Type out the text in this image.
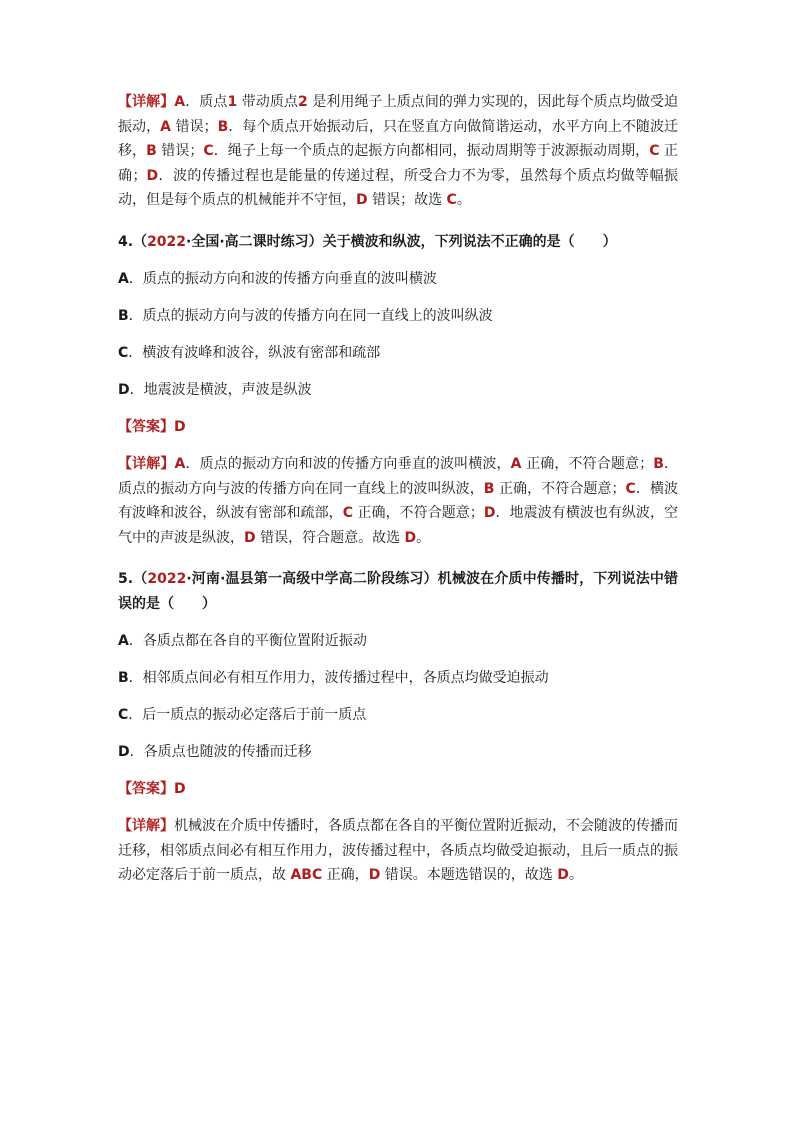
【详解】A．质点1 带动质点2 是利用绳子上质点间的弹力实现的，因此每个质点均做受迫振动，A 错误；B．每个质点开始振动后，只在竖直方向做简谐运动，水平方向上不随波迁移，B 错误；C．绳子上每一个质点的起振方向都相同，振动周期等于波源振动周期，C 正确；D．波的传播过程也是能量的传递过程，所受合力不为零，虽然每个质点均做等幅振动，但是每个质点的机械能并不守恒，D 错误；故选 C。

4.（2022·全国·高二课时练习）关于横波和纵波，下列说法不正确的是（　　）

A．质点的振动方向和波的传播方向垂直的波叫横波

B．质点的振动方向与波的传播方向在同一直线上的波叫纵波

C．横波有波峰和波谷，纵波有密部和疏部

D．地震波是横波，声波是纵波

【答案】D

【详解】A．质点的振动方向和波的传播方向垂直的波叫横波，A 正确，不符合题意；B．质点的振动方向与波的传播方向在同一直线上的波叫纵波，B 正确，不符合题意；C．横波有波峰和波谷，纵波有密部和疏部，C 正确，不符合题意；D．地震波有横波也有纵波，空气中的声波是纵波，D 错误，符合题意。故选 D。

5.（2022·河南·温县第一高级中学高二阶段练习）机械波在介质中传播时，下列说法中错误的是（　　）

A．各质点都在各自的平衡位置附近振动

B．相邻质点间必有相互作用力，波传播过程中，各质点均做受迫振动

C．后一质点的振动必定落后于前一质点

D．各质点也随波的传播而迁移

【答案】D

【详解】机械波在介质中传播时，各质点都在各自的平衡位置附近振动，不会随波的传播而迁移，相邻质点间必有相互作用力，波传播过程中，各质点均做受迫振动，且后一质点的振动必定落后于前一质点，故 ABC 正确，D 错误。本题选错误的，故选 D。
